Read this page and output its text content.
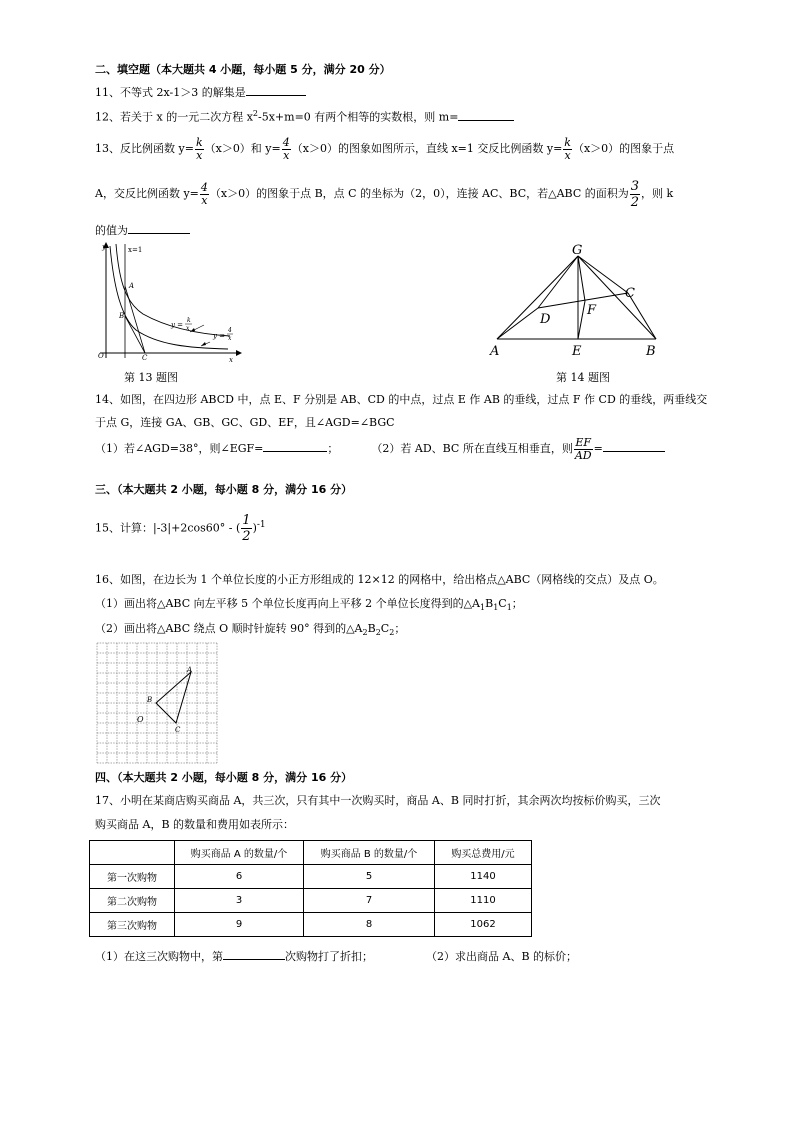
二、填空题（本大题共 4 小题，每小题 5 分，满分 20 分）
11、不等式 2x-1＞3 的解集是
12、若关于 x 的一元二次方程 $x^2-5x+m=0$ 有两个相等的实数根，则 m=
13、反比例函数 $y= \frac{k}{x} (x>0)$和 $y= \frac{4}{x} (x>0)$的图象如图所示，直线 x=1 交反比例函数 $y= \frac{k}{x} (x>0)$的图象于点
A，交反比例函数 $y= \frac{4}{x} (x>0)$的图象于点 B，点 C 的坐标为（2，0），连接 AC、BC，若△ABC 的面积为 $\frac{3}{2}$ ，则 k
的值为
y	x=1
A
B
O	C	x
y =
k
x
y =
4
x
第 13 题图
G
C
D
F
A	E	B
第 14 题图
14、如图，在四边形 ABCD 中，点 E、F 分别是 AB、CD 的中点，过点 E 作 AB 的垂线，过点 F 作 CD 的垂线，两垂线交
于点 G，连接 GA、GB、GC、GD、EF，且∠AGD=∠BGC
（1）若∠AGD=38°，则∠EGF=	；	（2）若 AD、BC 所在直线互相垂直，则 $\frac{EF}{AD}$ =
三、（本大题共 2 小题，每小题 8 分，满分 16 分）
15、计算：|-3|+2cos60° - ( $\frac{1}{2} )^{-1}$
16、如图，在边长为 1 个单位长度的小正方形组成的 12×12 的网格中，给出格点△ABC（网格线的交点）及点 O。
（1）画出将△ABC 向左平移 5 个单位长度再向上平移 2 个单位长度得到的$\triangle A_1B_1C_1$；
（2）画出将△ABC 绕点 O 顺时针旋转 90° 得到的$\triangle A_2B_2C_2$；
A
B
C
O
四、（本大题共 2 小题，每小题 8 分，满分 16 分）
17、小明在某商店购买商品 A，共三次，只有其中一次购买时，商品 A、B 同时打折，其余两次均按标价购买，三次
购买商品 A，B 的数量和费用如表所示：
	购买商品 A 的数量/个	购买商品 B 的数量/个	购买总费用/元
第一次购物	6	5	1140
第二次购物	3	7	1110
第三次购物	9	8	1062
（1）在这三次购物中，第	次购物打了折扣；	（2）求出商品 A、B 的标价；
